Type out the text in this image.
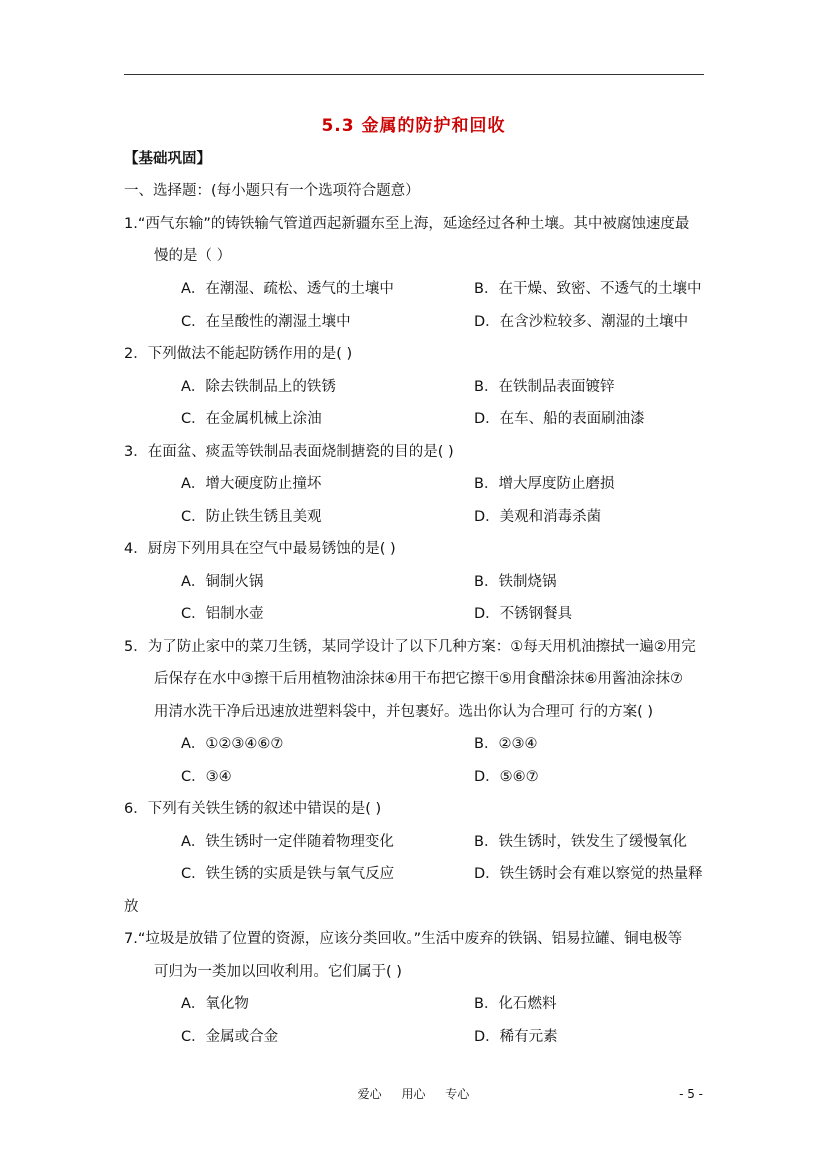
5.3 金属的防护和回收
【基础巩固】
一、选择题：(每小题只有一个选项符合题意）
1.“西气东输”的铸铁输气管道西起新疆东至上海，延途经过各种土壤。其中被腐蚀速度最
慢的是（ ）
A．在潮湿、疏松、透气的土壤中	B．在干燥、致密、不透气的土壤中
C．在呈酸性的潮湿土壤中	D．在含沙粒较多、潮湿的土壤中
2．下列做法不能起防锈作用的是( )
A．除去铁制品上的铁锈	B．在铁制品表面镀锌
C．在金属机械上涂油	D．在车、船的表面刷油漆
3．在面盆、痰盂等铁制品表面烧制搪瓷的目的是( )
A．增大硬度防止撞坏	B．增大厚度防止磨损
C．防止铁生锈且美观	D．美观和消毒杀菌
4．厨房下列用具在空气中最易锈蚀的是( )
A．铜制火锅	B．铁制烧锅
C．铝制水壶	D．不锈钢餐具
5．为了防止家中的菜刀生锈，某同学设计了以下几种方案：①每天用机油擦拭一遍②用完
后保存在水中③擦干后用植物油涂抹④用干布把它擦干⑤用食醋涂抹⑥用酱油涂抹⑦
用清水洗干净后迅速放进塑料袋中，并包裹好。选出你认为合理可 行的方案( )
A．①②③④⑥⑦	B．②③④
C．③④	D．⑤⑥⑦
6．下列有关铁生锈的叙述中错误的是( )
A．铁生锈时一定伴随着物理变化	B．铁生锈时，铁发生了缓慢氧化
C．铁生锈的实质是铁与氧气反应	D．铁生锈时会有难以察觉的热量释
放
7.“垃圾是放错了位置的资源，应该分类回收。”生活中废弃的铁锅、铝易拉罐、铜电极等
可归为一类加以回收利用。它们属于( )
A．氧化物	B．化石燃料
C．金属或合金	D．稀有元素
爱心 用心 专心	- 5 -
